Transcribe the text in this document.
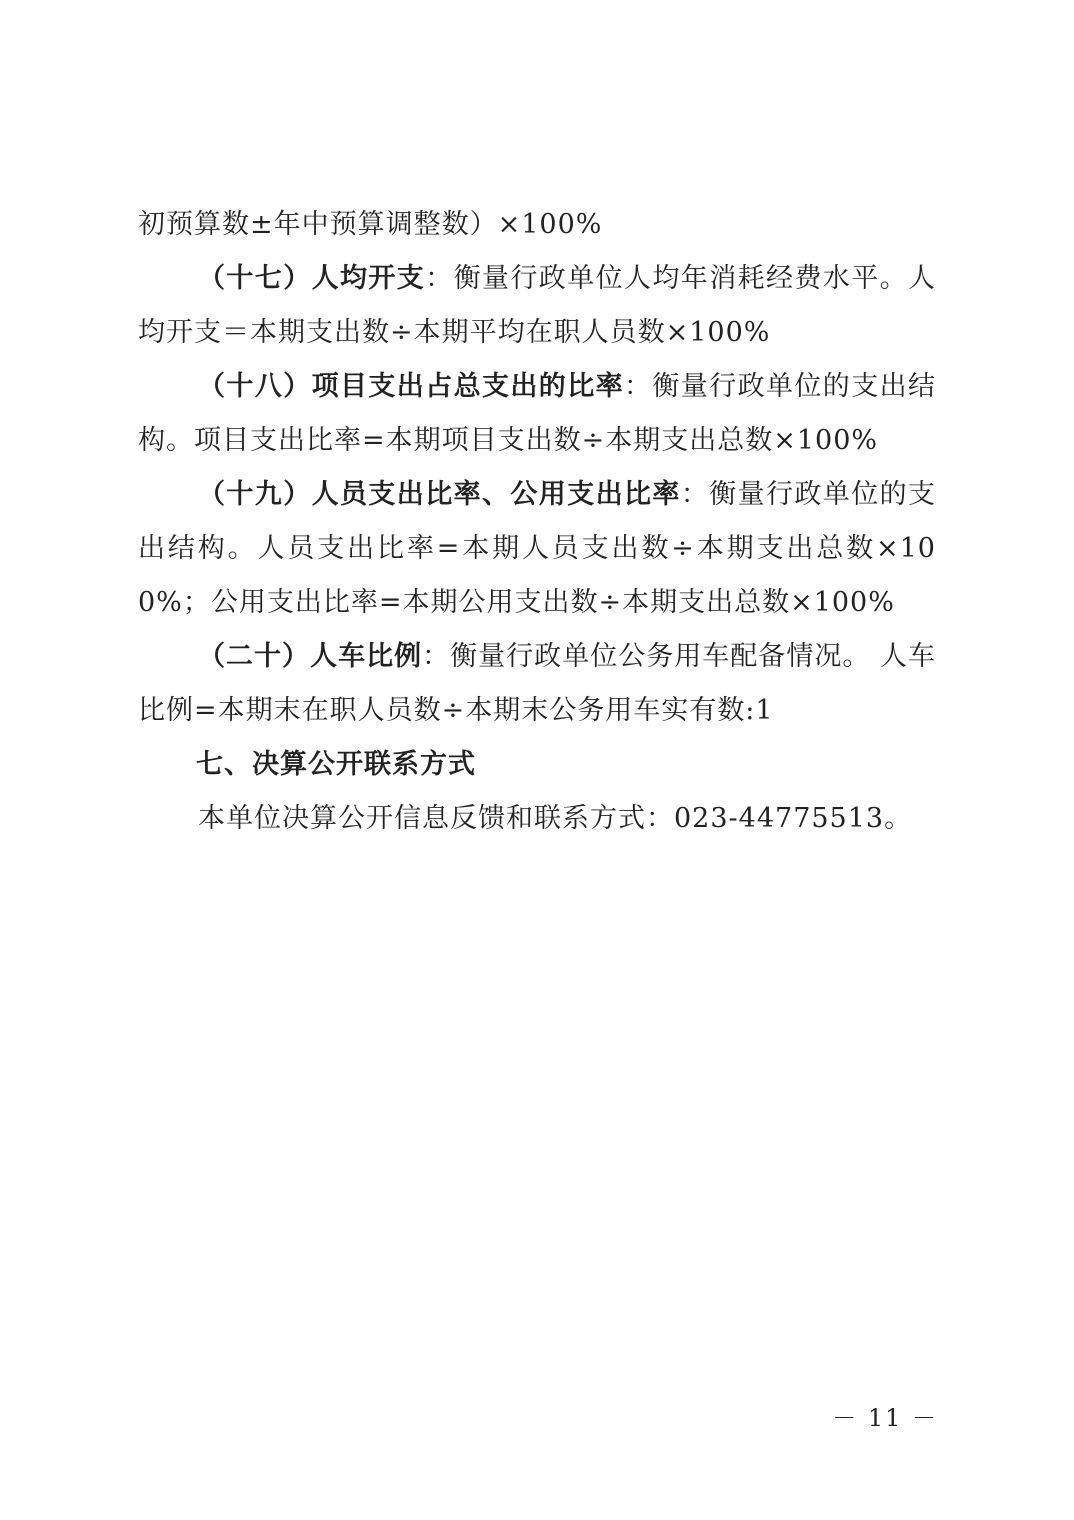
初预算数±年中预算调整数）×100%

（十七）人均开支：衡量行政单位人均年消耗经费水平。人均开支＝本期支出数÷本期平均在职人员数×100%

（十八）项目支出占总支出的比率：衡量行政单位的支出结构。项目支出比率=本期项目支出数÷本期支出总数×100%

（十九）人员支出比率、公用支出比率：衡量行政单位的支出结构。人员支出比率=本期人员支出数÷本期支出总数×100%；公用支出比率=本期公用支出数÷本期支出总数×100%

（二十）人车比例：衡量行政单位公务用车配备情况。 人车比例=本期末在职人员数÷本期末公务用车实有数:1

七、决算公开联系方式

本单位决算公开信息反馈和联系方式：023-44775513。

－ 11 －
